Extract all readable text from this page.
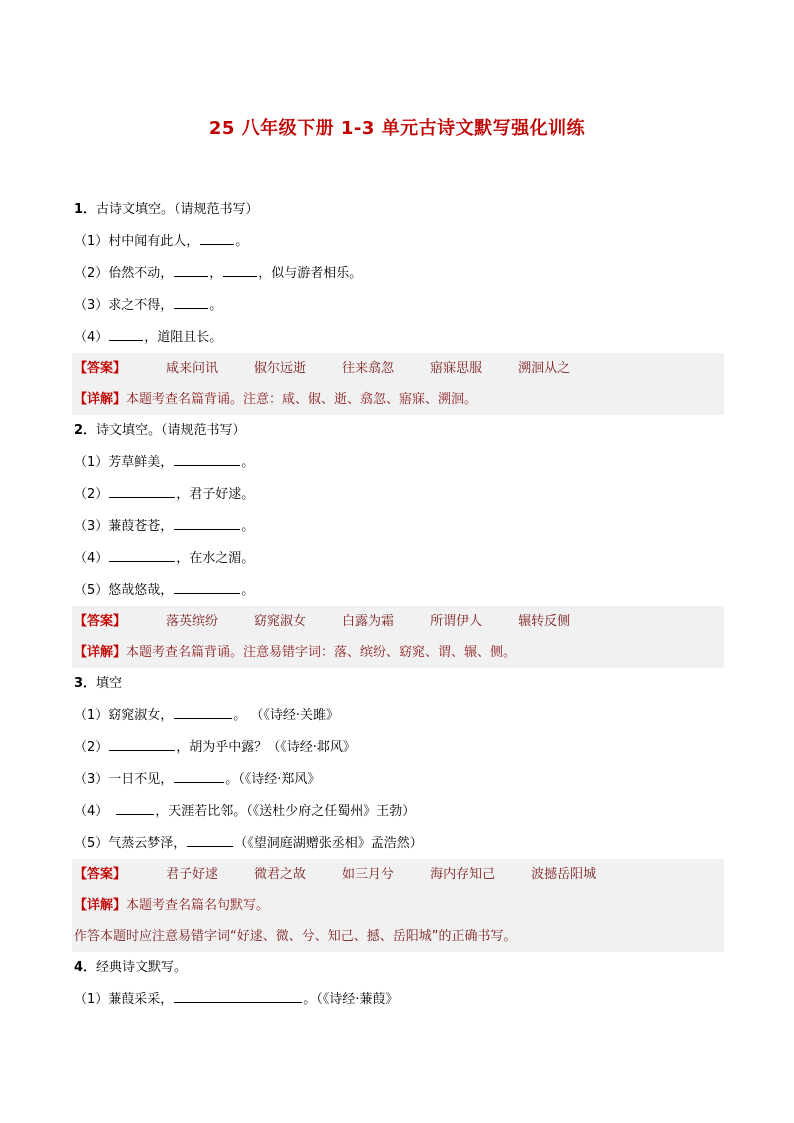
25 八年级下册 1-3 单元古诗文默写强化训练
1．古诗文填空。（请规范书写）
（1）村中闻有此人，	。
（2）佁然不动，	，	，似与游者相乐。
（3）求之不得，	。
（4）	，道阻且长。
【答案】	咸来问讯	俶尔远逝	往来翕忽	寤寐思服	溯洄从之
【详解】本题考查名篇背诵。注意：咸、俶、逝、翕忽、寤寐、溯洄。
2．诗文填空。（请规范书写）
（1）芳草鲜美，	。
（2）	，君子好逑。
（3）蒹葭苍苍，	。
（4）	，在水之湄。
（5）悠哉悠哉，	。
【答案】	落英缤纷	窈窕淑女	白露为霜	所谓伊人	辗转反侧
【详解】本题考查名篇背诵。注意易错字词：落、缤纷、窈窕、谓、辗、侧。
3．填空
（1）窈窕淑女，	。 （《诗经·关雎》
（2）	，胡为乎中露？（《诗经·邶风》
（3）一日不见，	。（《诗经·郑风》
（4）	，天涯若比邻。（《送杜少府之任蜀州》王勃）
（5）气蒸云梦泽，	（《望洞庭湖赠张丞相》孟浩然）
【答案】	君子好逑	微君之故	如三月兮	海内存知己	波撼岳阳城
【详解】本题考查名篇名句默写。
作答本题时应注意易错字词“好逑、微、兮、知己、撼、岳阳城”的正确书写。
4．经典诗文默写。
（1）蒹葭采采，	。（《诗经·蒹葭》
